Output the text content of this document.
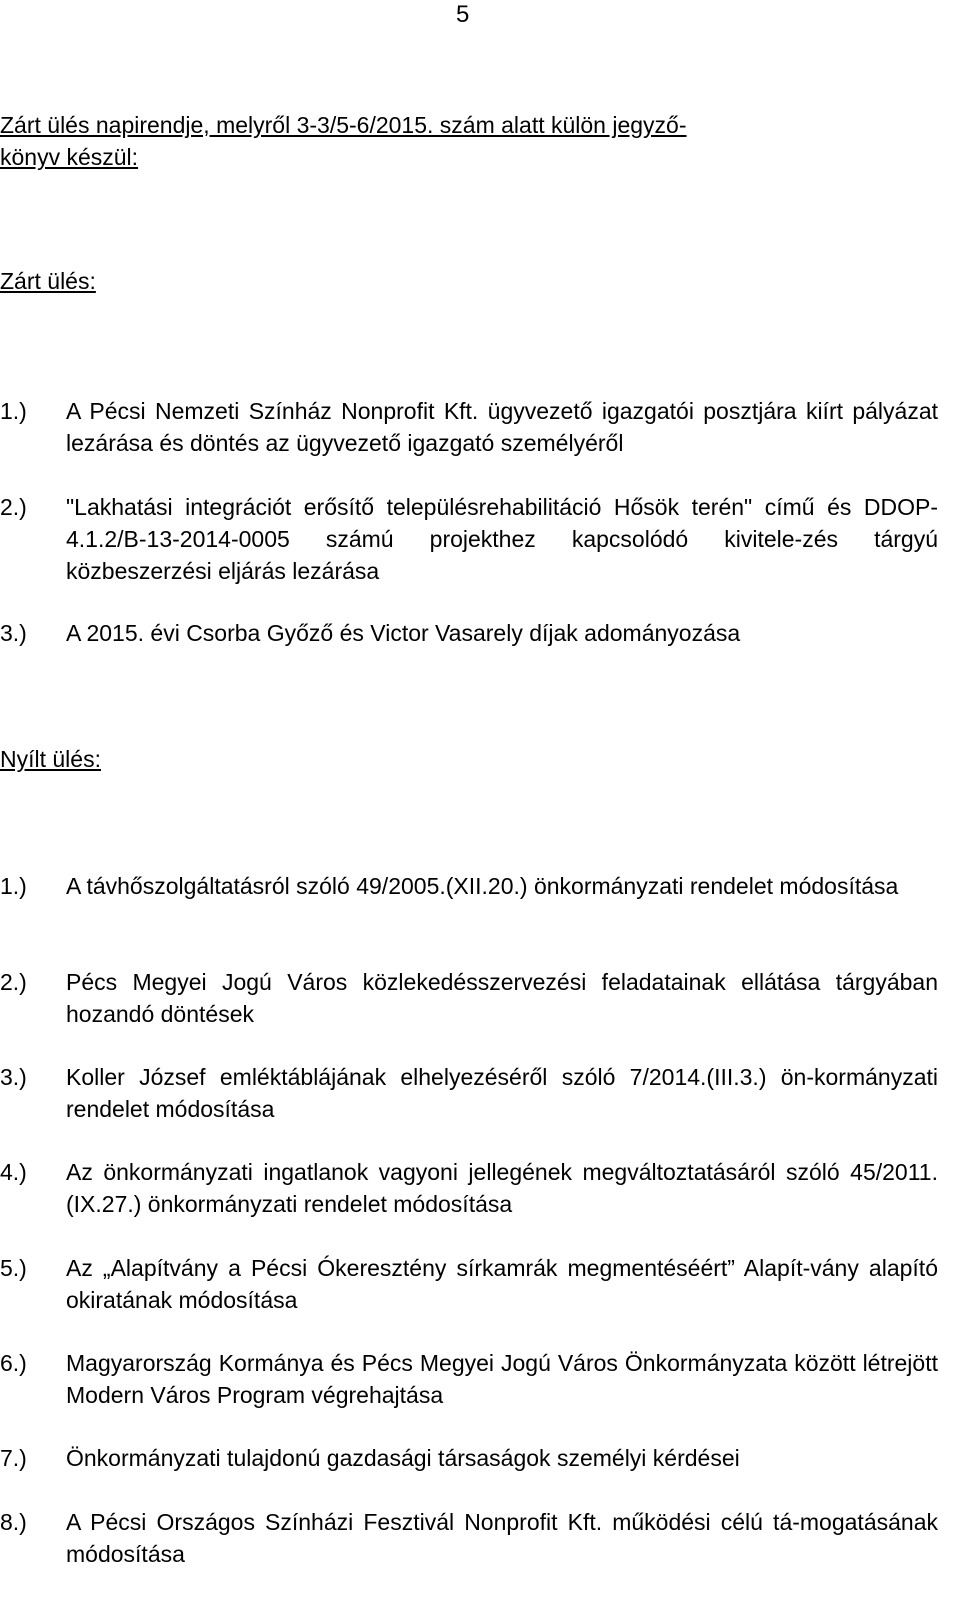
5
Zárt ülés napirendje, melyről 3-3/5-6/2015. szám alatt külön jegyző-
könyv készül:
Zárt ülés:
1.)	A Pécsi Nemzeti Színház Nonprofit Kft. ügyvezető igazgatói posztjára kiírt pályázat lezárása és döntés az ügyvezető igazgató személyéről
2.)	"Lakhatási integrációt erősítő településrehabilitáció Hősök terén" című és DDOP-4.1.2/B-13-2014-0005 számú projekthez kapcsolódó kivitele-zés tárgyú közbeszerzési eljárás lezárása
3.)	A 2015. évi Csorba Győző és Victor Vasarely díjak adományozása
Nyílt ülés:
1.)	A távhőszolgáltatásról szóló 49/2005.(XII.20.) önkormányzati rendelet módosítása
2.)	Pécs Megyei Jogú Város közlekedésszervezési feladatainak ellátása tárgyában hozandó döntések
3.)	Koller József emléktáblájának elhelyezéséről szóló 7/2014.(III.3.) ön-kormányzati rendelet módosítása
4.)	Az önkormányzati ingatlanok vagyoni jellegének megváltoztatásáról szóló 45/2011. (IX.27.) önkormányzati rendelet módosítása
5.)	Az „Alapítvány a Pécsi Ókeresztény sírkamrák megmentéséért” Alapít-vány alapító okiratának módosítása
6.)	Magyarország Kormánya és Pécs Megyei Jogú Város Önkormányzata között létrejött Modern Város Program végrehajtása
7.)	Önkormányzati tulajdonú gazdasági társaságok személyi kérdései
8.)	A Pécsi Országos Színházi Fesztivál Nonprofit Kft. működési célú tá-mogatásának módosítása
